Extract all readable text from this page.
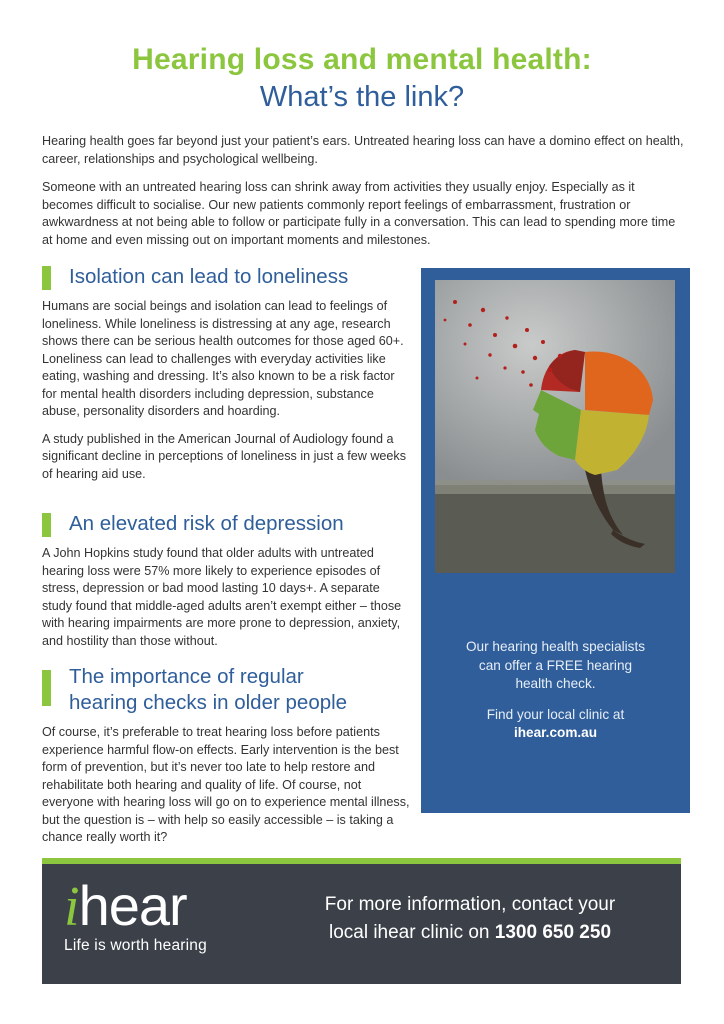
Hearing loss and mental health:
What’s the link?

Hearing health goes far beyond just your patient’s ears. Untreated hearing loss can have a domino effect on health, career, relationships and psychological wellbeing.

Someone with an untreated hearing loss can shrink away from activities they usually enjoy. Especially as it becomes difficult to socialise. Our new patients commonly report feelings of embarrassment, frustration or awkwardness at not being able to follow or participate fully in a conversation. This can lead to spending more time at home and even missing out on important moments and milestones.

Isolation can lead to loneliness

Humans are social beings and isolation can lead to feelings of loneliness. While loneliness is distressing at any age, research shows there can be serious health outcomes for those aged 60+. Loneliness can lead to challenges with everyday activities like eating, washing and dressing. It’s also known to be a risk factor for mental health disorders including depression, substance abuse, personality disorders and hoarding.

A study published in the American Journal of Audiology found a significant decline in perceptions of loneliness in just a few weeks of hearing aid use.

An elevated risk of depression

A John Hopkins study found that older adults with untreated hearing loss were 57% more likely to experience episodes of stress, depression or bad mood lasting 10 days+. A separate study found that middle-aged adults aren’t exempt either – those with hearing impairments are more prone to depression, anxiety, and hostility than those without.

The importance of regular
hearing checks in older people

Of course, it’s preferable to treat hearing loss before patients experience harmful flow-on effects. Early intervention is the best form of prevention, but it’s never too late to help restore and rehabilitate both hearing and quality of life. Of course, not everyone with hearing loss will go on to experience mental illness, but the question is – with help so easily accessible – is taking a chance really worth it?

Our hearing health specialists
can offer a FREE hearing
health check.
Find your local clinic at
ihear.com.au
ihear
Life is worth hearing
For more information, contact your
local ihear clinic on 1300 650 250
